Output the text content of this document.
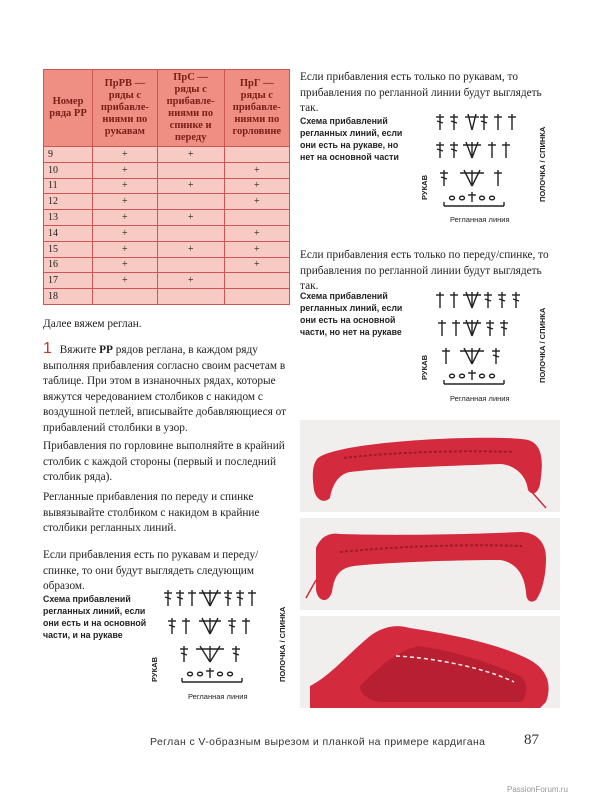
Номер ряда РР	ПрРВ — ряды с прибавле-ниями по рукавам	ПрС — ряды с прибавле-ниями по спинке и переду	ПрГ — ряды с прибавле-ниями по горловине
9	+	+	
10	+		+
11	+	+	+
12	+		+
13	+	+	
14	+		+
15	+	+	+
16	+		+
17	+	+	
18			
Далее вяжем реглан.
1 Вяжите РР рядов реглана, в каждом ряду выполняя прибавления согласно своим расчетам в таблице. При этом в изнаночных рядах, которые вяжутся чередованием столбиков с накидом с воздушной петлей, вписывайте добавляющиеся от прибавлений столбики в узор.
Прибавления по горловине выполняйте в крайний столбик с каждой стороны (первый и последний столбик ряда).
Регланные прибавления по переду и спинке вывязывайте столбиком с накидом в крайние столбики регланных линий.
Если прибавления есть по рукавам и переду/спинке, то они будут выглядеть следующим образом.
Если прибавления есть только по рукавам, то прибавления по регланной линии будут выглядеть так.
Если прибавления есть только по переду/спинке, то прибавления по регланной линии будут выглядеть так.
Схема прибавлений регланных линий, если они есть на рукаве, но нет на основной части
РУКАВ	ПОЛОЧКА / СПИНКА
Регланная линия
Схема прибавлений регланных линий, если они есть на основной части, но нет на рукаве
РУКАВ	ПОЛОЧКА / СПИНКА
Регланная линия
Схема прибавлений регланных линий, если они есть и на основной части, и на рукаве
РУКАВ	ПОЛОЧКА / СПИНКА
Регланная линия
Реглан с V-образным вырезом и планкой на примере кардигана	87
PassionForum.ru
